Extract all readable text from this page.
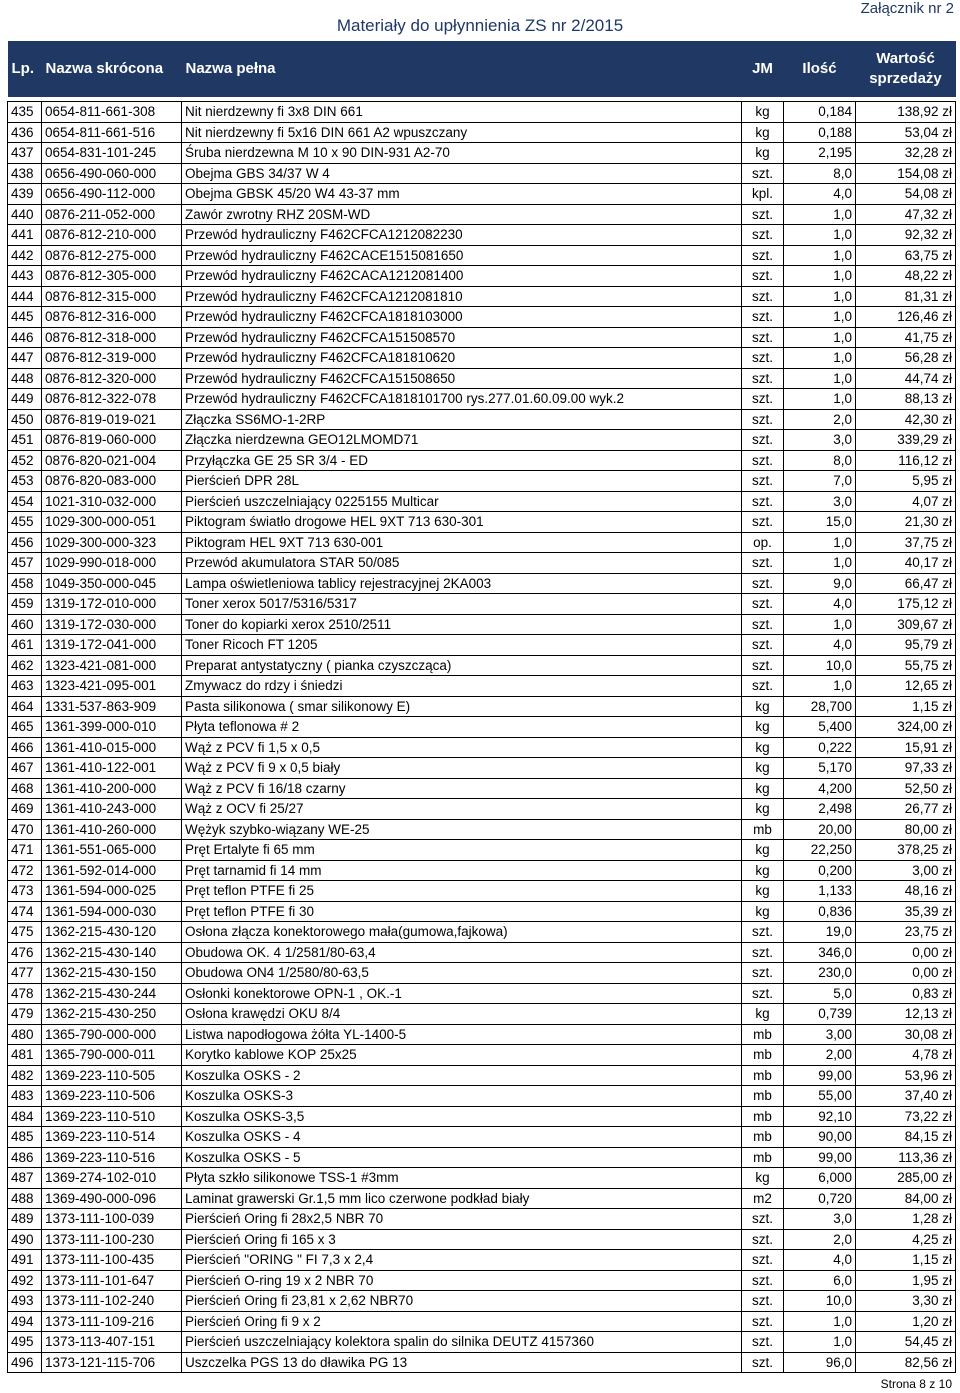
Załącznik nr 2
Materiały do upłynnienia ZS nr 2/2015
Lp.	Nazwa skrócona	Nazwa pełna	JM	Ilość	Wartość sprzedaży

435	0654-811-661-308	Nit nierdzewny fi 3x8 DIN 661	kg	0,184	138,92 zł
436	0654-811-661-516	Nit nierdzewny fi 5x16 DIN 661 A2 wpuszczany	kg	0,188	53,04 zł
437	0654-831-101-245	Śruba nierdzewna M 10 x 90 DIN-931 A2-70	kg	2,195	32,28 zł
438	0656-490-060-000	Obejma GBS 34/37 W 4	szt.	8,0	154,08 zł
439	0656-490-112-000	Obejma GBSK 45/20 W4 43-37 mm	kpl.	4,0	54,08 zł
440	0876-211-052-000	Zawór zwrotny RHZ 20SM-WD	szt.	1,0	47,32 zł
441	0876-812-210-000	Przewód hydrauliczny F462CFCA1212082230	szt.	1,0	92,32 zł
442	0876-812-275-000	Przewód hydrauliczny F462CACE1515081650	szt.	1,0	63,75 zł
443	0876-812-305-000	Przewód hydrauliczny F462CACA1212081400	szt.	1,0	48,22 zł
444	0876-812-315-000	Przewód hydrauliczny F462CFCA1212081810	szt.	1,0	81,31 zł
445	0876-812-316-000	Przewód hydrauliczny F462CFCA1818103000	szt.	1,0	126,46 zł
446	0876-812-318-000	Przewód hydrauliczny F462CFCA151508570	szt.	1,0	41,75 zł
447	0876-812-319-000	Przewód hydrauliczny F462CFCA181810620	szt.	1,0	56,28 zł
448	0876-812-320-000	Przewód hydrauliczny F462CFCA151508650	szt.	1,0	44,74 zł
449	0876-812-322-078	Przewód hydrauliczny F462CFCA1818101700 rys.277.01.60.09.00 wyk.2	szt.	1,0	88,13 zł
450	0876-819-019-021	Złączka SS6MO-1-2RP	szt.	2,0	42,30 zł
451	0876-819-060-000	Złączka nierdzewna GEO12LMOMD71	szt.	3,0	339,29 zł
452	0876-820-021-004	Przyłączka GE 25 SR 3/4 - ED	szt.	8,0	116,12 zł
453	0876-820-083-000	Pierścień DPR 28L	szt.	7,0	5,95 zł
454	1021-310-032-000	Pierścień uszczelniający 0225155 Multicar	szt.	3,0	4,07 zł
455	1029-300-000-051	Piktogram światło drogowe HEL 9XT 713 630-301	szt.	15,0	21,30 zł
456	1029-300-000-323	Piktogram HEL 9XT 713 630-001	op.	1,0	37,75 zł
457	1029-990-018-000	Przewód akumulatora STAR 50/085	szt.	1,0	40,17 zł
458	1049-350-000-045	Lampa oświetleniowa tablicy rejestracyjnej 2KA003	szt.	9,0	66,47 zł
459	1319-172-010-000	Toner xerox 5017/5316/5317	szt.	4,0	175,12 zł
460	1319-172-030-000	Toner do kopiarki xerox 2510/2511	szt.	1,0	309,67 zł
461	1319-172-041-000	Toner Ricoch FT 1205	szt.	4,0	95,79 zł
462	1323-421-081-000	Preparat antystatyczny ( pianka czyszcząca)	szt.	10,0	55,75 zł
463	1323-421-095-001	Zmywacz do rdzy i śniedzi	szt.	1,0	12,65 zł
464	1331-537-863-909	Pasta silikonowa ( smar silikonowy E)	kg	28,700	1,15 zł
465	1361-399-000-010	Płyta teflonowa # 2	kg	5,400	324,00 zł
466	1361-410-015-000	Wąż z PCV fi 1,5 x 0,5	kg	0,222	15,91 zł
467	1361-410-122-001	Wąż z PCV fi 9 x 0,5 biały	kg	5,170	97,33 zł
468	1361-410-200-000	Wąż z PCV fi 16/18 czarny	kg	4,200	52,50 zł
469	1361-410-243-000	Wąż z OCV fi 25/27	kg	2,498	26,77 zł
470	1361-410-260-000	Wężyk szybko-wiązany WE-25	mb	20,00	80,00 zł
471	1361-551-065-000	Pręt Ertalyte fi 65 mm	kg	22,250	378,25 zł
472	1361-592-014-000	Pręt tarnamid fi 14 mm	kg	0,200	3,00 zł
473	1361-594-000-025	Pręt teflon PTFE fi 25	kg	1,133	48,16 zł
474	1361-594-000-030	Pręt teflon PTFE fi 30	kg	0,836	35,39 zł
475	1362-215-430-120	Osłona złącza konektorowego mała(gumowa,fajkowa)	szt.	19,0	23,75 zł
476	1362-215-430-140	Obudowa OK. 4 1/2581/80-63,4	szt.	346,0	0,00 zł
477	1362-215-430-150	Obudowa ON4 1/2580/80-63,5	szt.	230,0	0,00 zł
478	1362-215-430-244	Osłonki konektorowe OPN-1 , OK.-1	szt.	5,0	0,83 zł
479	1362-215-430-250	Osłona krawędzi OKU 8/4	kg	0,739	12,13 zł
480	1365-790-000-000	Listwa napodłogowa żółta YL-1400-5	mb	3,00	30,08 zł
481	1365-790-000-011	Korytko kablowe KOP 25x25	mb	2,00	4,78 zł
482	1369-223-110-505	Koszulka OSKS - 2	mb	99,00	53,96 zł
483	1369-223-110-506	Koszulka OSKS-3	mb	55,00	37,40 zł
484	1369-223-110-510	Koszulka OSKS-3,5	mb	92,10	73,22 zł
485	1369-223-110-514	Koszulka OSKS - 4	mb	90,00	84,15 zł
486	1369-223-110-516	Koszulka OSKS - 5	mb	99,00	113,36 zł
487	1369-274-102-010	Płyta szkło silikonowe TSS-1 #3mm	kg	6,000	285,00 zł
488	1369-490-000-096	Laminat grawerski Gr.1,5 mm lico czerwone podkład biały	m2	0,720	84,00 zł
489	1373-111-100-039	Pierścień Oring fi 28x2,5 NBR 70	szt.	3,0	1,28 zł
490	1373-111-100-230	Pierścień Oring fi 165 x 3	szt.	2,0	4,25 zł
491	1373-111-100-435	Pierścień "ORING " FI 7,3 x 2,4	szt.	4,0	1,15 zł
492	1373-111-101-647	Pierścień O-ring 19 x 2 NBR 70	szt.	6,0	1,95 zł
493	1373-111-102-240	Pierścień Oring fi 23,81 x 2,62 NBR70	szt.	10,0	3,30 zł
494	1373-111-109-216	Pierścień Oring fi 9 x 2	szt.	1,0	1,20 zł
495	1373-113-407-151	Pierścień uszczelniający kolektora spalin do silnika DEUTZ 4157360	szt.	1,0	54,45 zł
496	1373-121-115-706	Uszczelka PGS 13 do dławika PG 13	szt.	96,0	82,56 zł
Strona 8 z 10
